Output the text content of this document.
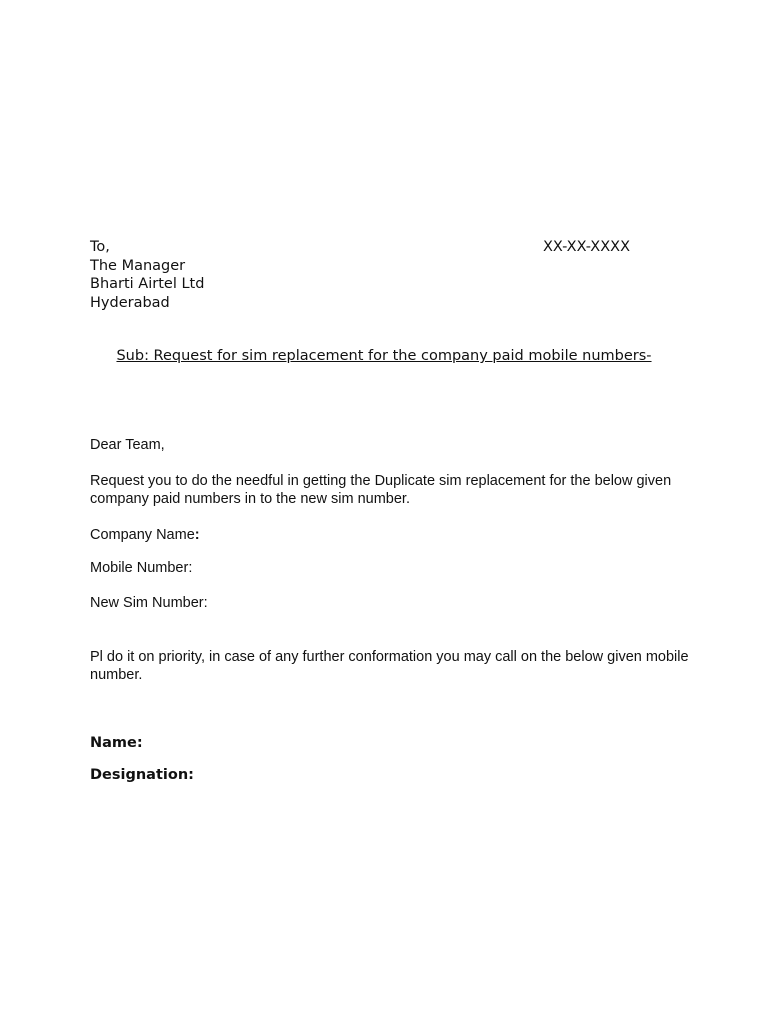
To,
The Manager
Bharti Airtel Ltd
Hyderabad
XX-XX-XXXX
Sub: Request for sim replacement for the company paid mobile numbers-
Dear Team,
Request you to do the needful in getting the Duplicate sim replacement for the below given company paid numbers in to the new sim number.
Company Name:
Mobile Number:
New Sim Number:
Pl do it on priority, in case of any further conformation you may call on the below given mobile number.
Name:
Designation:
